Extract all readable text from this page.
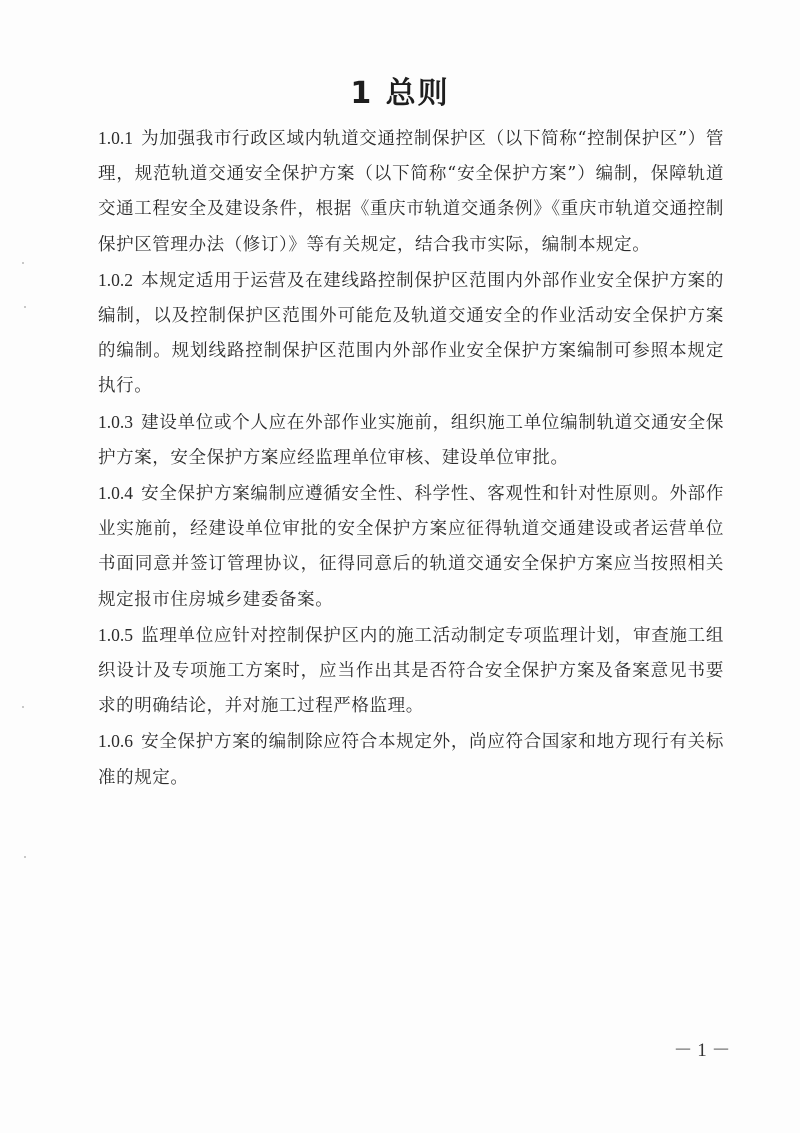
1 总则

1.0.1 为加强我市行政区域内轨道交通控制保护区（以下简称“控制保护区”）管理，规范轨道交通安全保护方案（以下简称“安全保护方案”）编制，保障轨道交通工程安全及建设条件，根据《重庆市轨道交通条例》《重庆市轨道交通控制保护区管理办法（修订）》等有关规定，结合我市实际，编制本规定。

1.0.2 本规定适用于运营及在建线路控制保护区范围内外部作业安全保护方案的编制，以及控制保护区范围外可能危及轨道交通安全的作业活动安全保护方案的编制。规划线路控制保护区范围内外部作业安全保护方案编制可参照本规定执行。

1.0.3 建设单位或个人应在外部作业实施前，组织施工单位编制轨道交通安全保护方案，安全保护方案应经监理单位审核、建设单位审批。

1.0.4 安全保护方案编制应遵循安全性、科学性、客观性和针对性原则。外部作业实施前，经建设单位审批的安全保护方案应征得轨道交通建设或者运营单位书面同意并签订管理协议，征得同意后的轨道交通安全保护方案应当按照相关规定报市住房城乡建委备案。

1.0.5 监理单位应针对控制保护区内的施工活动制定专项监理计划，审查施工组织设计及专项施工方案时，应当作出其是否符合安全保护方案及备案意见书要求的明确结论，并对施工过程严格监理。

1.0.6 安全保护方案的编制除应符合本规定外，尚应符合国家和地方现行有关标准的规定。

－ 1 －
